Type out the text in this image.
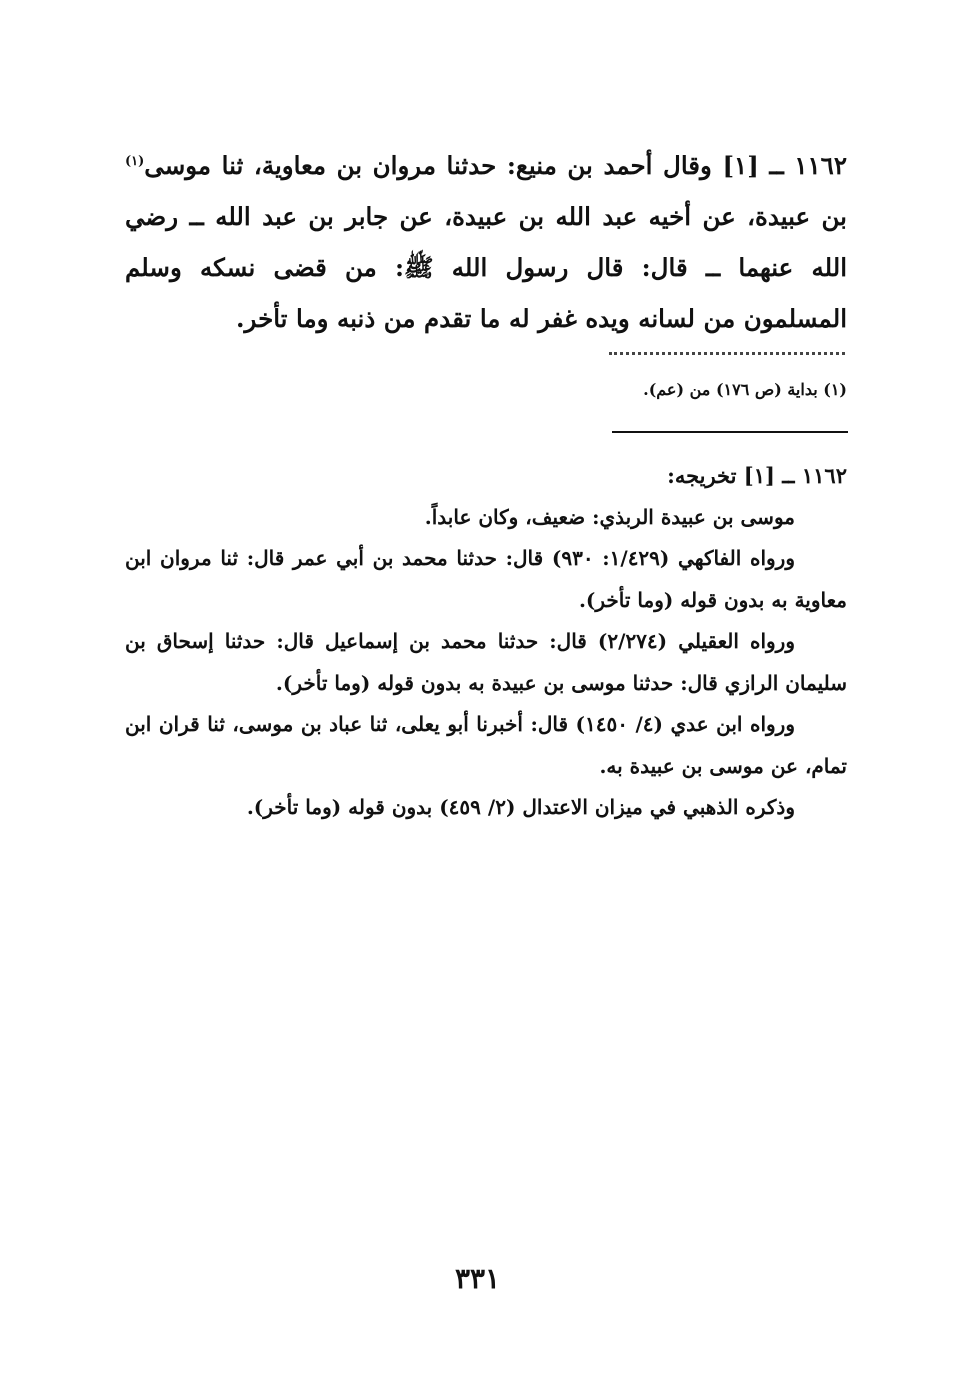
١١٦٢ ــ [١] وقال أحمد بن منيع: حدثنا مروان بن معاوية، ثنا موسى$^{(١)}$ بن عبيدة، عن أخيه عبد الله بن عبيدة، عن جابر بن عبد الله ــ رضي الله عنهما ــ قال: قال رسول الله ﷺ: من قضى نسكه وسلم المسلمون من لسانه ويده غفر له ما تقدم من ذنبه وما تأخر.
(١) بداية (ص ١٧٦) من (عم).

١١٦٢ ــ [١] تخريجه:

موسى بن عبيدة الربذي: ضعيف، وكان عابداً.

ورواه الفاكهي (١/٤٢٩: ٩٣٠) قال: حدثنا محمد بن أبي عمر قال: ثنا مروان ابن معاوية به بدون قوله (وما تأخر).

ورواه العقيلي (٢/٢٧٤) قال: حدثنا محمد بن إسماعيل قال: حدثنا إسحاق بن سليمان الرازي قال: حدثنا موسى بن عبيدة به بدون قوله (وما تأخر).

ورواه ابن عدي (٤/ ١٤٥٠) قال: أخبرنا أبو يعلى، ثنا عباد بن موسى، ثنا قران ابن تمام، عن موسى بن عبيدة به.

وذكره الذهبي في ميزان الاعتدال (٢/ ٤٥٩) بدون قوله (وما تأخر).

٣٣١
